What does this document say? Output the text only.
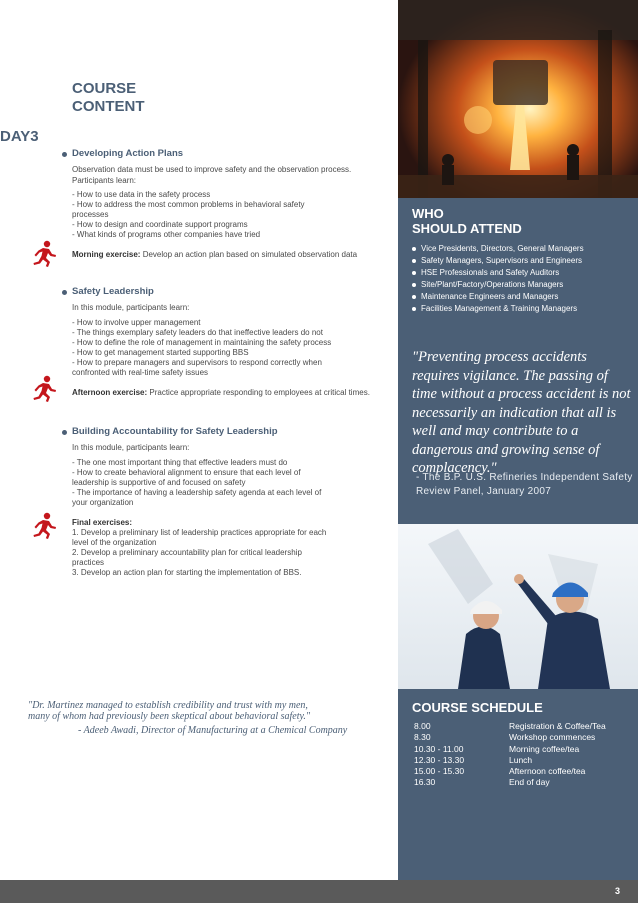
COURSE
CONTENT
DAY3
Developing Action Plans
Observation data must be used to improve safety and the observation process. Participants learn:
- How to use data in the safety process
- How to address the most common problems in behavioral safety
processes
- How to design and coordinate support programs
- What kinds of programs other companies have tried
Morning exercise: Develop an action plan based on simulated observation data
Safety Leadership
In this module, participants learn:
- How to involve upper management
- The things exemplary safety leaders do that ineffective leaders do not
- How to define the role of management in maintaining the safety process
- How to get management started supporting BBS
- How to prepare managers and supervisors to respond correctly when
confronted with real-time safety issues
Afternoon exercise: Practice appropriate responding to employees at critical times.
Building Accountability for Safety Leadership
In this module, participants learn:
- The one most important thing that effective leaders must do
- How to create behavioral alignment to ensure that each level of
leadership is supportive of and focused on safety
- The importance of having a leadership safety agenda at each level of
your organization
Final exercises:
1. Develop a preliminary list of leadership practices appropriate for each
level of the organization
2. Develop a preliminary accountability plan for critical leadership
practices
3. Develop an action plan for starting the implementation of BBS.
"Dr. Martinez managed to establish credibility and trust with my men,
many of whom had previously been skeptical about behavioral safety."
- Adeeb Awadi, Director of Manufacturing at a Chemical Company
WHO
SHOULD ATTEND
Vice Presidents, Directors, General Managers
Safety Managers, Supervisors and Engineers
HSE Professionals and Safety Auditors
Site/Plant/Factory/Operations Managers
Maintenance Engineers and Managers
Facilities Management & Training Managers
"Preventing process accidents requires vigilance. The passing of time without a process accident is not necessarily an indication that all is well and may contribute to a dangerous and growing sense of complacency."
- The B.P. U.S. Refineries Independent Safety Review Panel, January 2007
COURSE SCHEDULE
8.00	Registration & Coffee/Tea
8.30	Workshop commences
10.30 - 11.00	Morning coffee/tea
12.30 - 13.30	Lunch
15.00 - 15.30	Afternoon coffee/tea
16.30	End of day
3
